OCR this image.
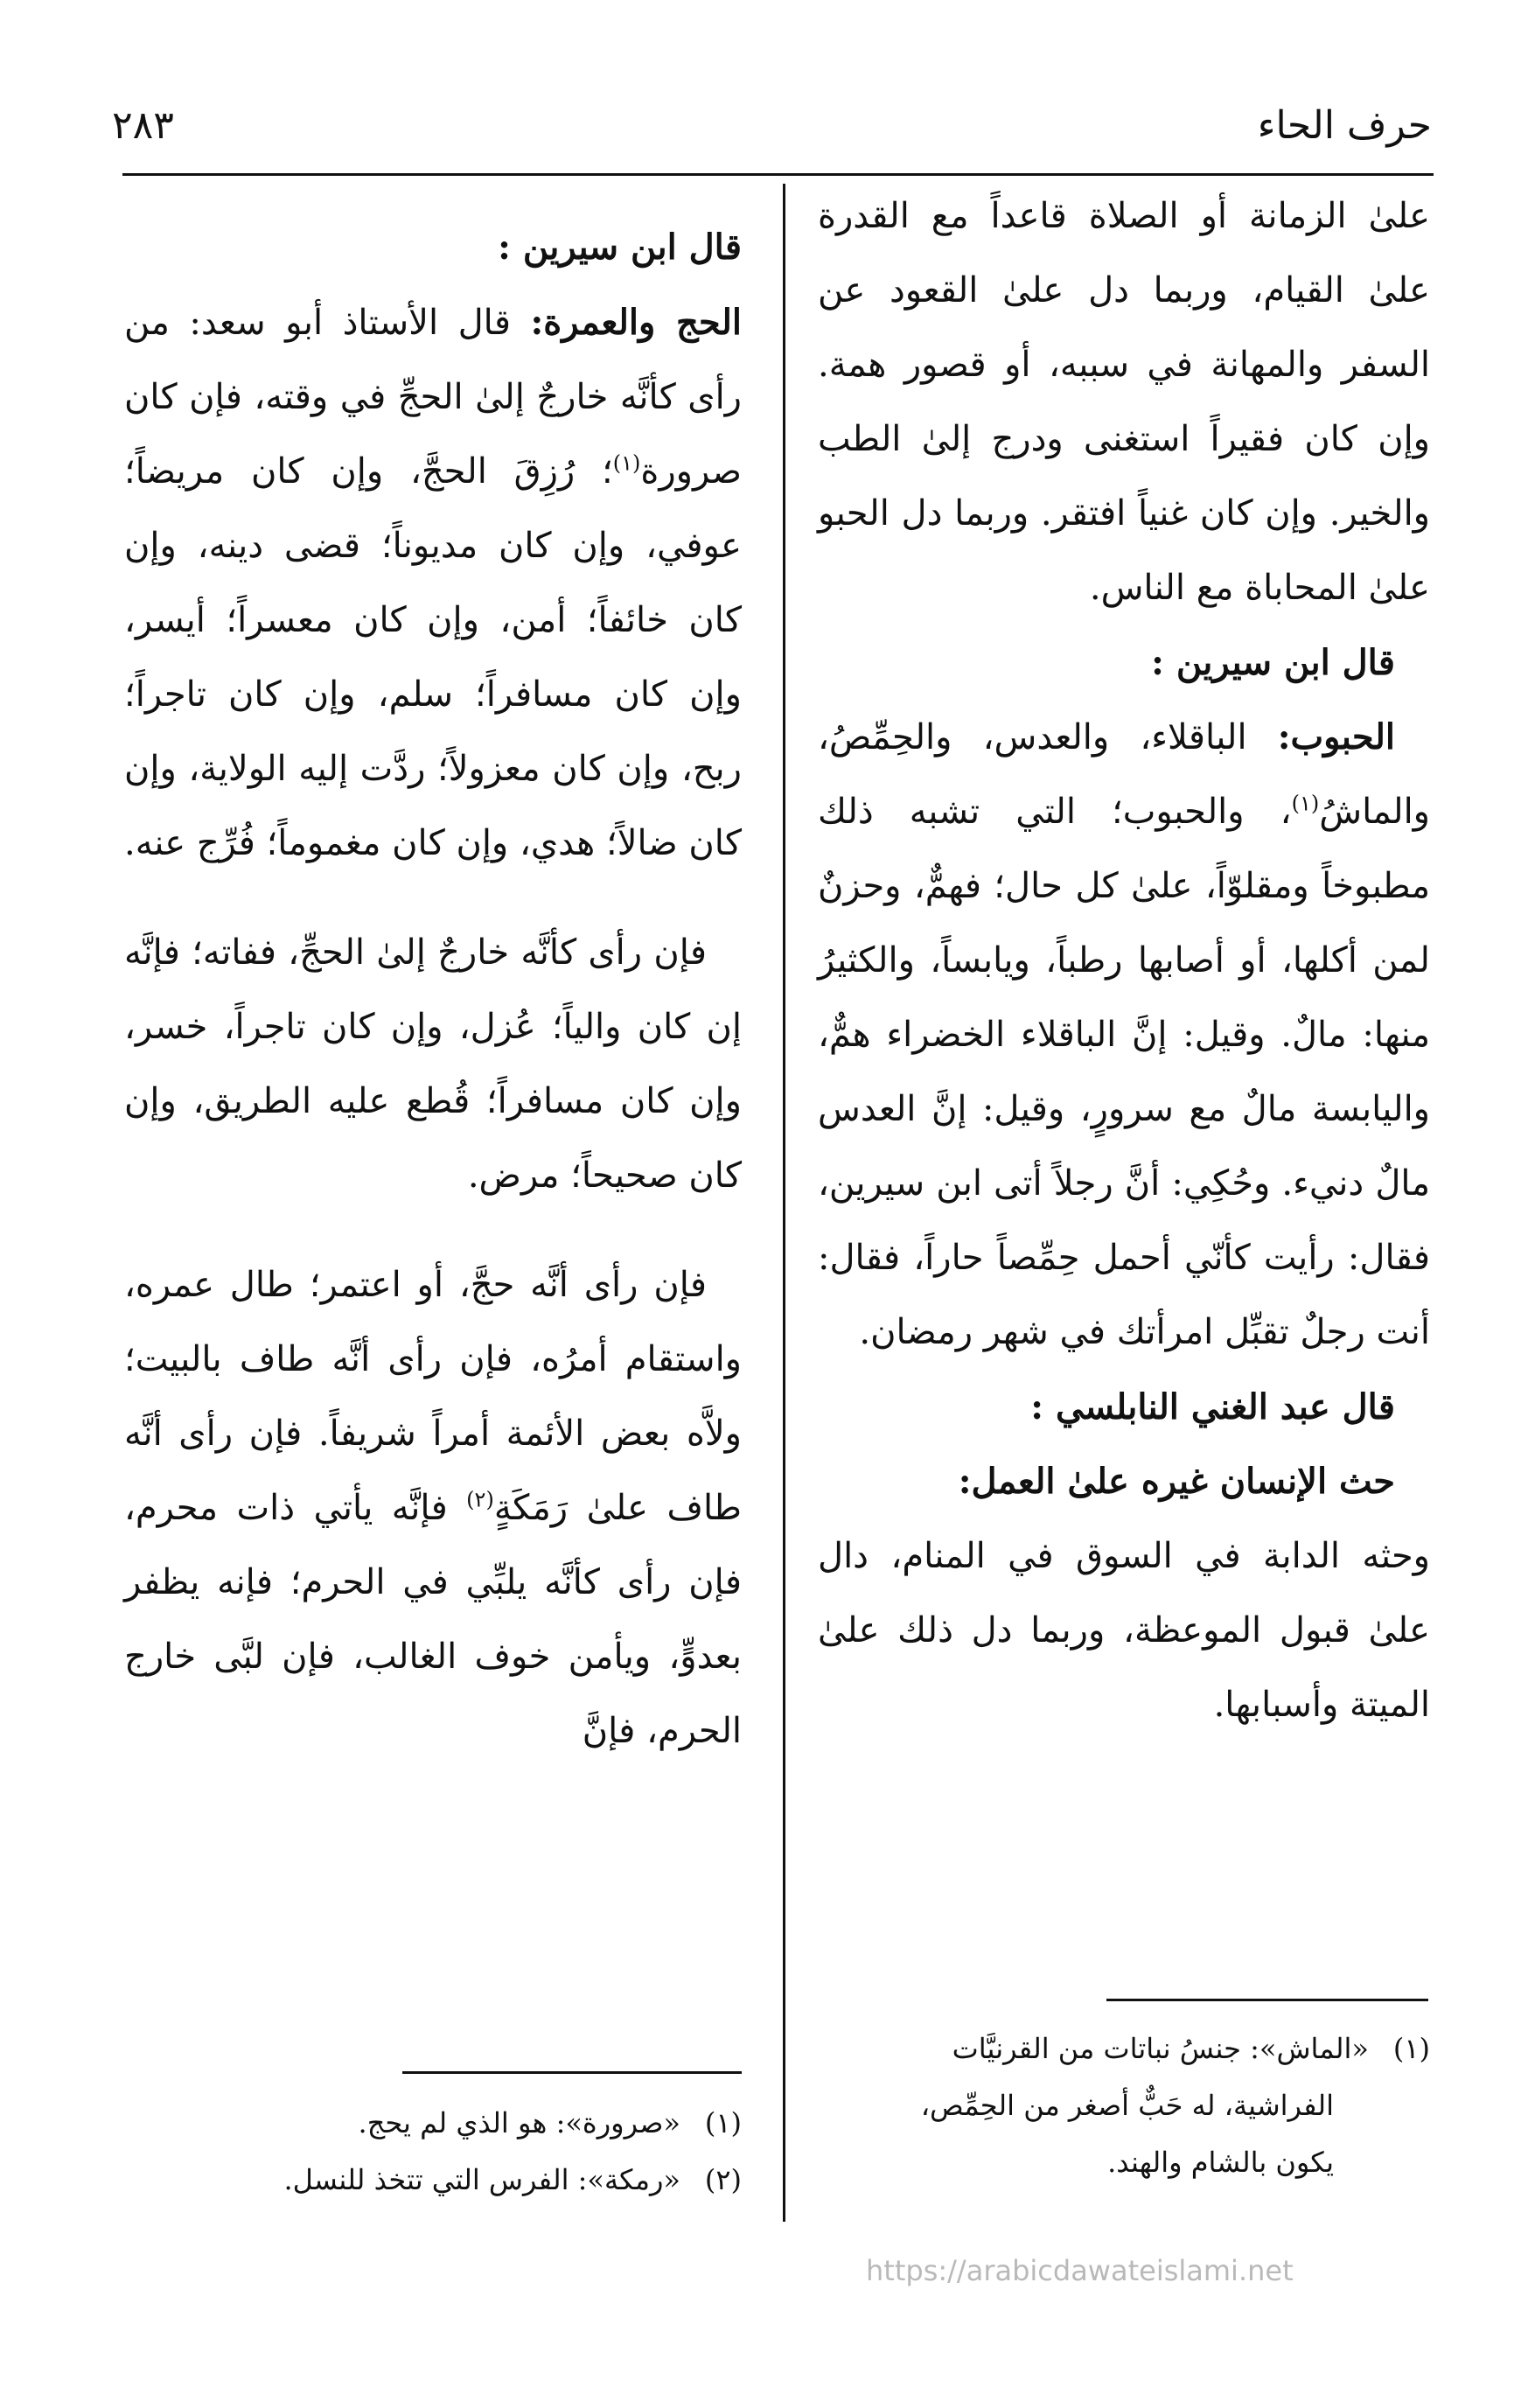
حرف الحاء
٢٨٣

علىٰ الزمانة أو الصلاة قاعداً مع القدرة علىٰ القيام، وربما دل علىٰ القعود عن السفر والمهانة في سببه، أو قصور همة. وإن كان فقيراً استغنى ودرج إلىٰ الطب والخير. وإن كان غنياً افتقر. وربما دل الحبو علىٰ المحاباة مع الناس.

قال ابن سيرين :

الحبوب: الباقلاء، والعدس، والحِمِّصُ، والماشُ$^{(١)}$، والحبوب؛ التي تشبه ذلك مطبوخاً ومقلوّاً، علىٰ كل حال؛ فهمٌّ، وحزنٌ لمن أكلها، أو أصابها رطباً، ويابساً، والكثيرُ منها: مالٌ. وقيل: إنَّ الباقلاء الخضراء همٌّ، واليابسة مالٌ مع سرورٍ، وقيل: إنَّ العدس مالٌ دنيء. وحُكِي: أنَّ رجلاً أتى ابن سيرين، فقال: رأيت كأنّي أحمل حِمِّصاً حاراً، فقال: أنت رجلٌ تقبِّل امرأتك في شهر رمضان.

قال عبد الغني النابلسي :

حث الإنسان غيره علىٰ العمل:

وحثه الدابة في السوق في المنام، دال علىٰ قبول الموعظة، وربما دل ذلك علىٰ الميتة وأسبابها.

(١)«الماش»: جنسُ نباتات من القرنيَّات

الفراشية، له حَبٌّ أصغر من الحِمِّص،

يكون بالشام والهند.

قال ابن سيرين :

الحج والعمرة: قال الأستاذ أبو سعد: من رأى كأنَّه خارجٌ إلىٰ الحجِّ في وقته، فإن كان صرورة$^{(١)}$؛ رُزِقَ الحجَّ، وإن كان مريضاً؛ عوفي، وإن كان مديوناً؛ قضى دينه، وإن كان خائفاً؛ أمن، وإن كان معسراً؛ أيسر، وإن كان مسافراً؛ سلم، وإن كان تاجراً؛ ربح، وإن كان معزولاً؛ ردَّت إليه الولاية، وإن كان ضالاً؛ هدي، وإن كان مغموماً؛ فُرِّج عنه.

فإن رأى كأنَّه خارجٌ إلىٰ الحجِّ، ففاته؛ فإنَّه إن كان والياً؛ عُزل، وإن كان تاجراً، خسر، وإن كان مسافراً؛ قُطع عليه الطريق، وإن كان صحيحاً؛ مرض.

فإن رأى أنَّه حجَّ، أو اعتمر؛ طال عمره، واستقام أمرُه، فإن رأى أنَّه طاف بالبيت؛ ولاَّه بعض الأئمة أمراً شريفاً. فإن رأى أنَّه طاف علىٰ رَمَكَةٍ$^{(٢)}$ فإنَّه يأتي ذات محرم، فإن رأى كأنَّه يلبِّي في الحرم؛ فإنه يظفر بعدوٍّ، ويأمن خوف الغالب، فإن لبَّى خارج الحرم، فإنَّ

(١)«صرورة»: هو الذي لم يحج.

(٢)«رمكة»: الفرس التي تتخذ للنسل.

https://arabicdawateislami.net
